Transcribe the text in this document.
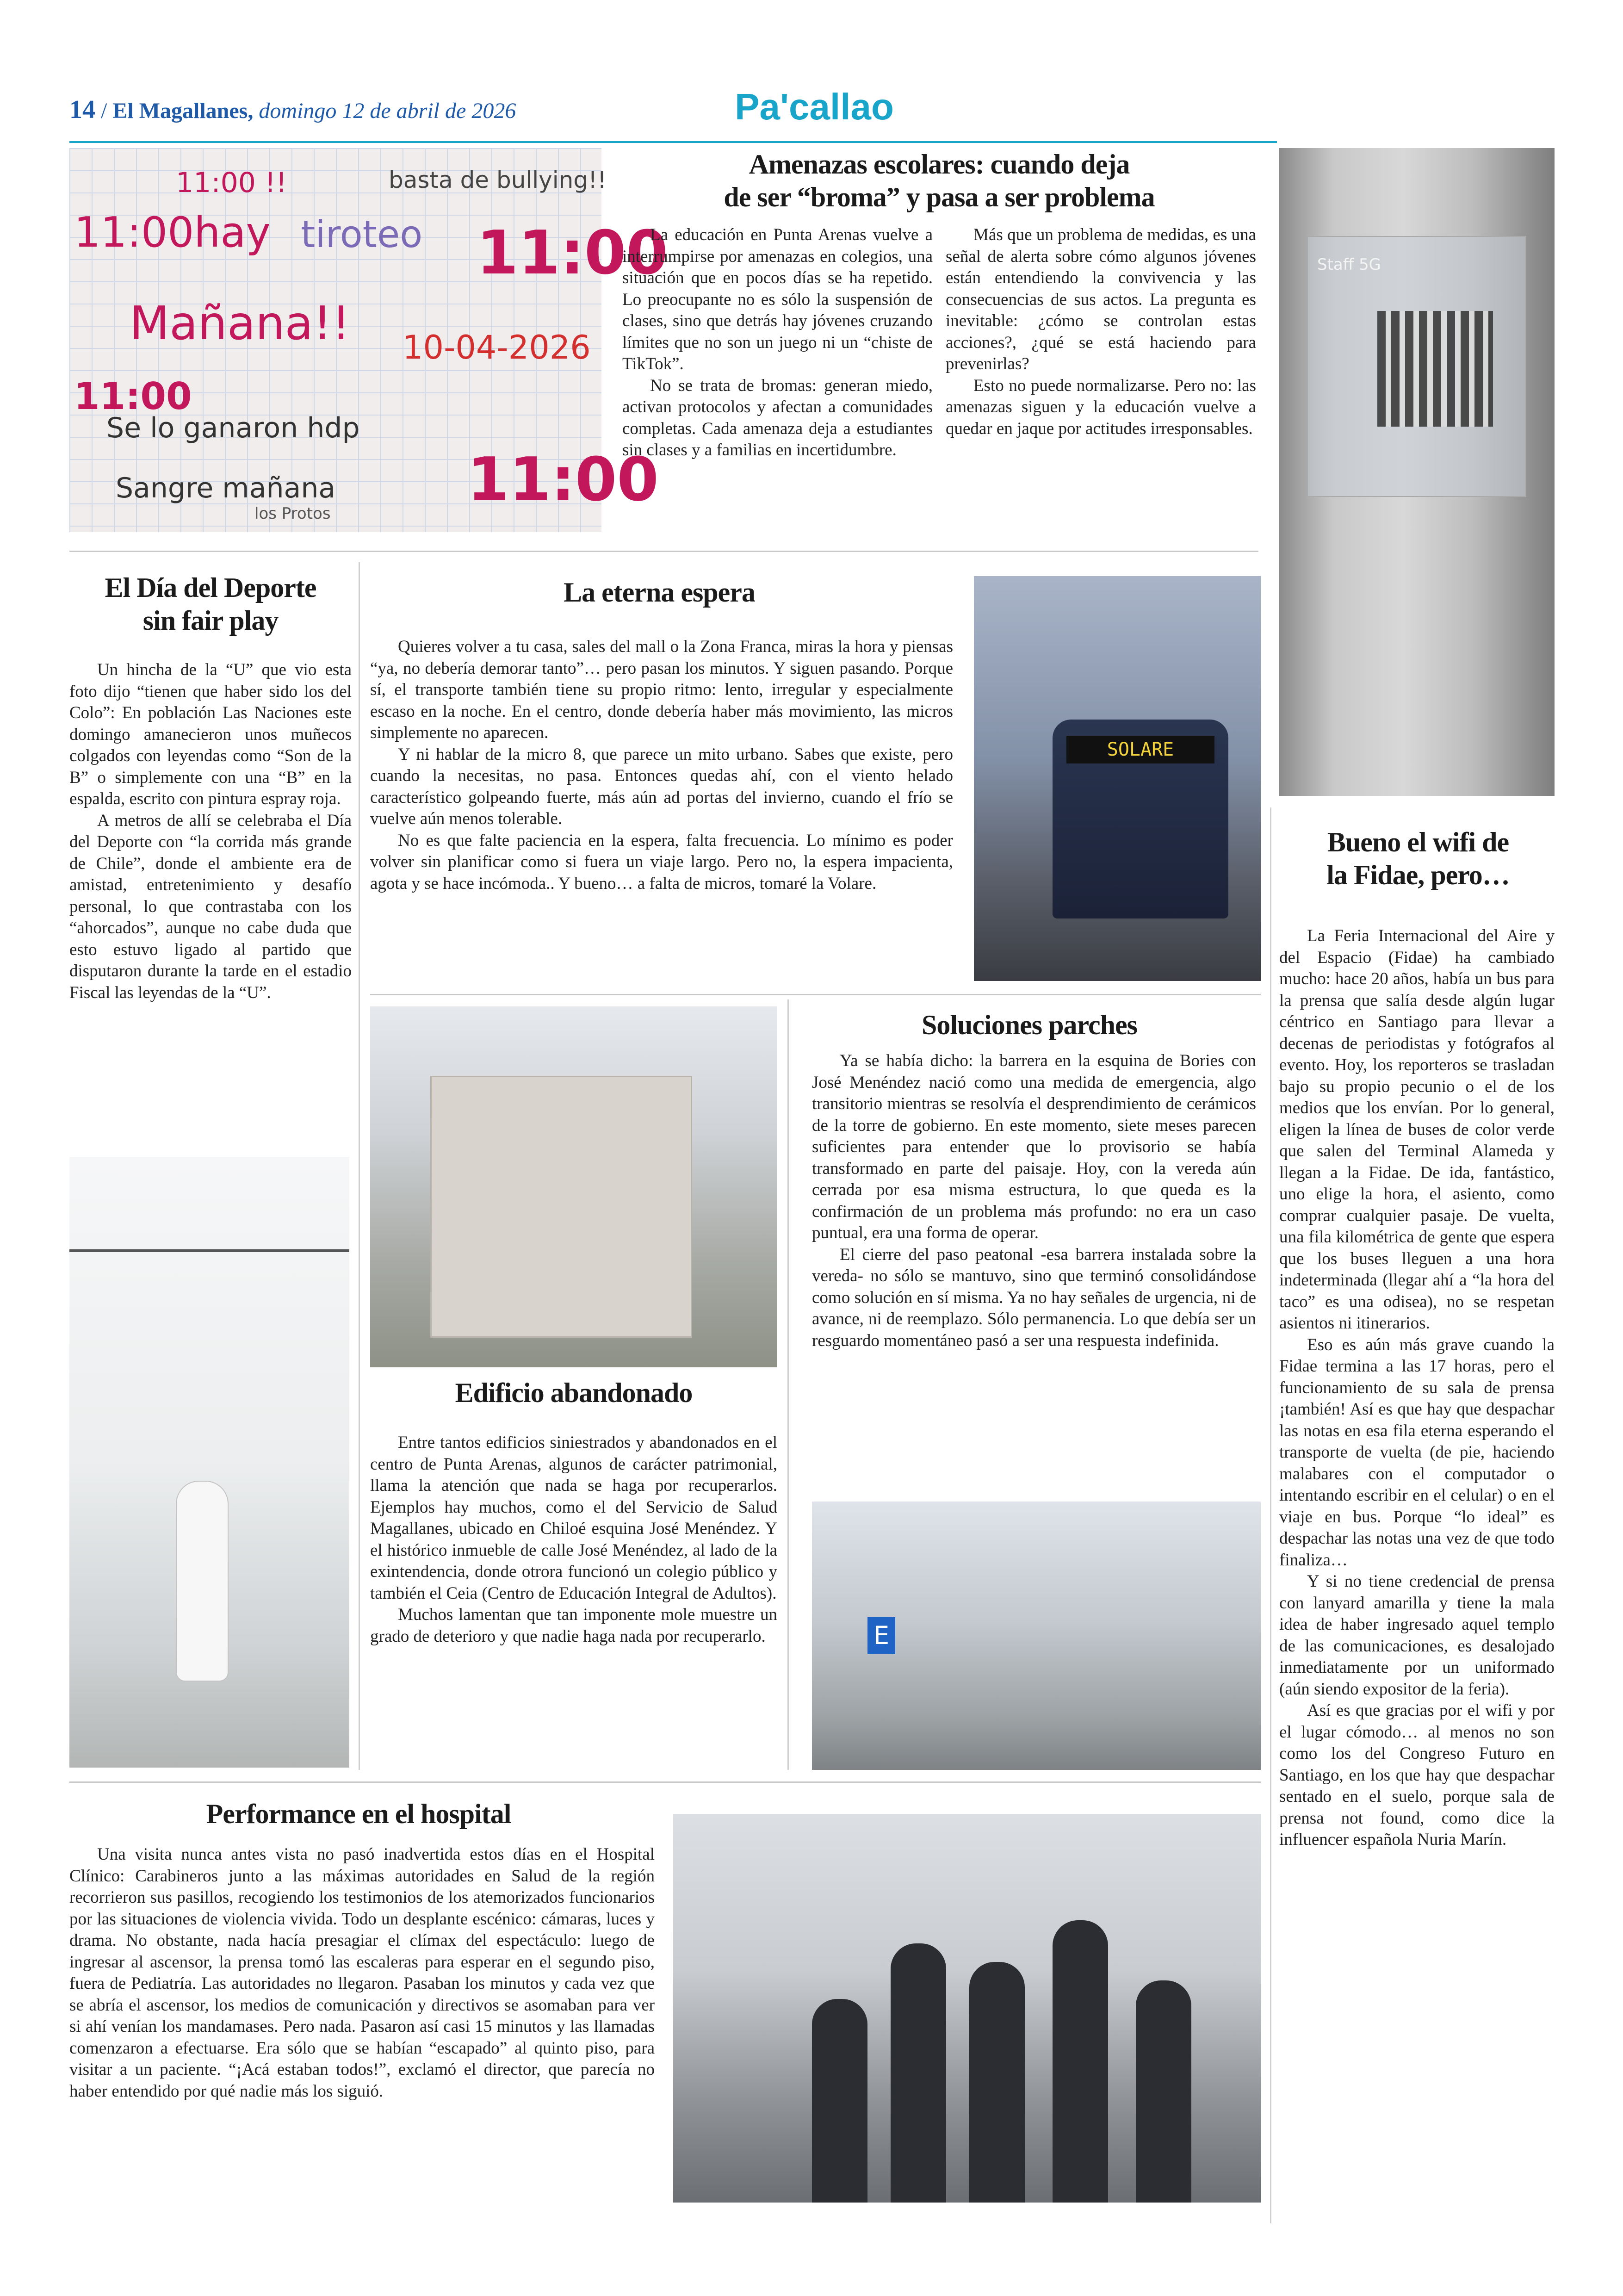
14 / El Magallanes, domingo 12 de abril de 2026	Pa'callao
11:00 !!
11:00hay tiroteo
basta de bullying!!
11:00
Mañana!! 10-04-2026
11:00
Se lo ganaron hdp
Sangre mañana 11:00
los Protos
Amenazas escolares: cuando deja
de ser “broma” y pasa a ser problema

La educación en Punta Arenas vuelve a interrumpirse por amenazas en colegios, una situación que en pocos días se ha repetido. Lo preocupante no es sólo la suspensión de clases, sino que detrás hay jóvenes cruzando límites que no son un juego ni un “chiste de TikTok”.

No se trata de bromas: generan miedo, activan protocolos y afectan a comunidades completas. Cada amenaza deja a estudiantes sin clases y a familias en incertidumbre.

Más que un problema de medidas, es una señal de alerta sobre cómo algunos jóvenes están entendiendo la convivencia y las consecuencias de sus actos. La pregunta es inevitable: ¿cómo se controlan estas acciones?, ¿qué se está haciendo para prevenirlas?

Esto no puede normalizarse. Pero no: las amenazas siguen y la educación vuelve a quedar en jaque por actitudes irresponsables.

Staff 5G
El Día del Deporte
sin fair play

Un hincha de la “U” que vio esta foto dijo “tienen que haber sido los del Colo”: En población Las Naciones este domingo amanecieron unos muñecos colgados con leyendas como “Son de la B” o simplemente con una “B” en la espalda, escrito con pintura espray roja.

A metros de allí se celebraba el Día del Deporte con “la corrida más grande de Chile”, donde el ambiente era de amistad, entretenimiento y desafío personal, lo que contrastaba con los “ahorcados”, aunque no cabe duda que esto estuvo ligado al partido que disputaron durante la tarde en el estadio Fiscal las leyendas de la “U”.

La eterna espera

Quieres volver a tu casa, sales del mall o la Zona Franca, miras la hora y piensas “ya, no debería demorar tanto”… pero pasan los minutos. Y siguen pasando. Porque sí, el transporte también tiene su propio ritmo: lento, irregular y especialmente escaso en la noche. En el centro, donde debería haber más movimiento, las micros simplemente no aparecen.

Y ni hablar de la micro 8, que parece un mito urbano. Sabes que existe, pero cuando la necesitas, no pasa. Entonces quedas ahí, con el viento helado característico golpeando fuerte, más aún ad portas del invierno, cuando el frío se vuelve aún menos tolerable.

No es que falte paciencia en la espera, falta frecuencia. Lo mínimo es poder volver sin planificar como si fuera un viaje largo. Pero no, la espera impacienta, agota y se hace incómoda.. Y bueno… a falta de micros, tomaré la Volare.

SOLARE
Bueno el wifi de
la Fidae, pero…

La Feria Internacional del Aire y del Espacio (Fidae) ha cambiado mucho: hace 20 años, había un bus para la prensa que salía desde algún lugar céntrico en Santiago para llevar a decenas de periodistas y fotógrafos al evento. Hoy, los reporteros se trasladan bajo su propio pecunio o el de los medios que los envían. Por lo general, eligen la línea de buses de color verde que salen del Terminal Alameda y llegan a la Fidae. De ida, fantástico, uno elige la hora, el asiento, como comprar cualquier pasaje. De vuelta, una fila kilométrica de gente que espera que los buses lleguen a una hora indeterminada (llegar ahí a “la hora del taco” es una odisea), no se respetan asientos ni itinerarios.

Eso es aún más grave cuando la Fidae termina a las 17 horas, pero el funcionamiento de su sala de prensa ¡también! Así es que hay que despachar las notas en esa fila eterna esperando el transporte de vuelta (de pie, haciendo malabares con el computador o intentando escribir en el celular) o en el viaje en bus. Porque “lo ideal” es despachar las notas una vez de que todo finaliza…

Y si no tiene credencial de prensa con lanyard amarilla y tiene la mala idea de haber ingresado aquel templo de las comunicaciones, es desalojado inmediatamente por un uniformado (aún siendo expositor de la feria).

Así es que gracias por el wifi y por el lugar cómodo… al menos no son como los del Congreso Futuro en Santiago, en los que hay que despachar sentado en el suelo, porque sala de prensa not found, como dice la influencer española Nuria Marín.

Edificio abandonado

Entre tantos edificios siniestrados y abandonados en el centro de Punta Arenas, algunos de carácter patrimonial, llama la atención que nada se haga por recuperarlos. Ejemplos hay muchos, como el del Servicio de Salud Magallanes, ubicado en Chiloé esquina José Menéndez. Y el histórico inmueble de calle José Menéndez, al lado de la exintendencia, donde otrora funcionó un colegio público y también el Ceia (Centro de Educación Integral de Adultos).

Muchos lamentan que tan imponente mole muestre un grado de deterioro y que nadie haga nada por recuperarlo.

Soluciones parches

Ya se había dicho: la barrera en la esquina de Bories con José Menéndez nació como una medida de emergencia, algo transitorio mientras se resolvía el desprendimiento de cerámicos de la torre de gobierno. En este momento, siete meses parecen suficientes para entender que lo provisorio se había transformado en parte del paisaje. Hoy, con la vereda aún cerrada por esa misma estructura, lo que queda es la confirmación de un problema más profundo: no era un caso puntual, era una forma de operar.

El cierre del paso peatonal -esa barrera instalada sobre la vereda- no sólo se mantuvo, sino que terminó consolidándose como solución en sí misma. Ya no hay señales de urgencia, ni de avance, ni de reemplazo. Sólo permanencia. Lo que debía ser un resguardo momentáneo pasó a ser una respuesta indefinida.

E
Performance en el hospital

Una visita nunca antes vista no pasó inadvertida estos días en el Hospital Clínico: Carabineros junto a las máximas autoridades en Salud de la región recorrieron sus pasillos, recogiendo los testimonios de los atemorizados funcionarios por las situaciones de violencia vivida. Todo un desplante escénico: cámaras, luces y drama. No obstante, nada hacía presagiar el clímax del espectáculo: luego de ingresar al ascensor, la prensa tomó las escaleras para esperar en el segundo piso, fuera de Pediatría. Las autoridades no llegaron. Pasaban los minutos y cada vez que se abría el ascensor, los medios de comunicación y directivos se asomaban para ver si ahí venían los mandamases. Pero nada. Pasaron así casi 15 minutos y las llamadas comenzaron a efectuarse. Era sólo que se habían “escapado” al quinto piso, para visitar a un paciente. “¡Acá estaban todos!”, exclamó el director, que parecía no haber entendido por qué nadie más los siguió.
